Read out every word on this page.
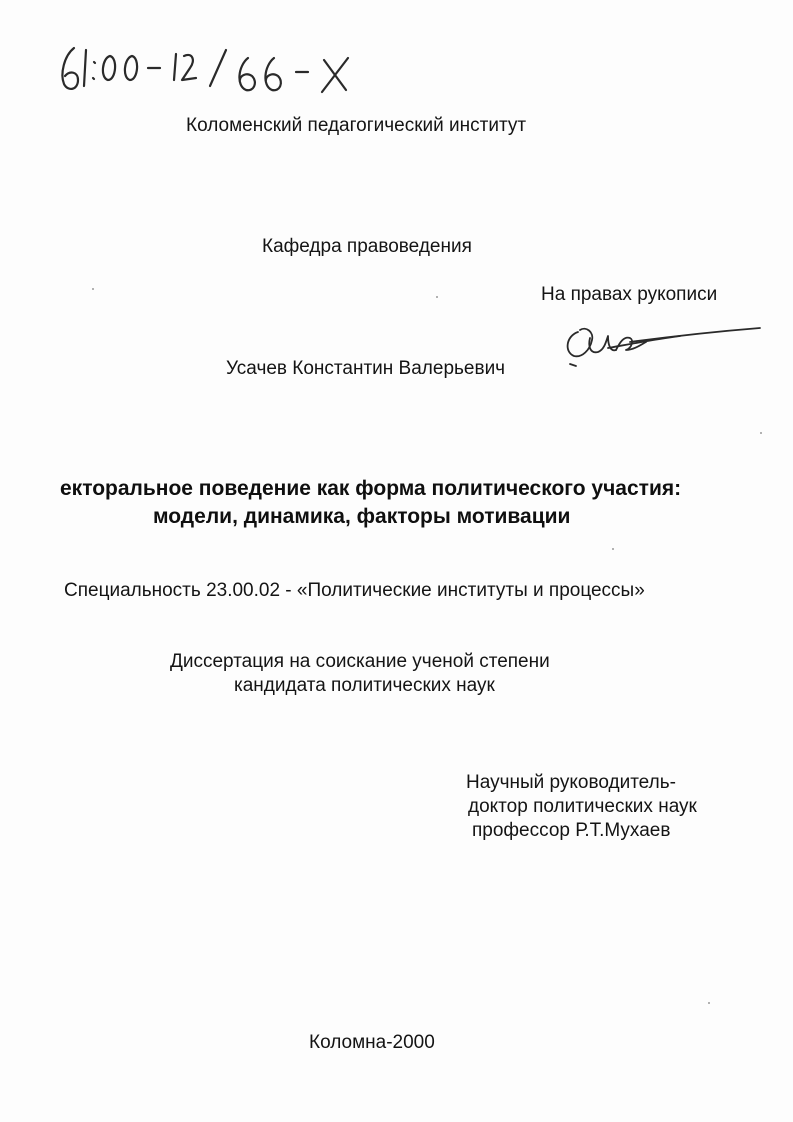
Коломенский педагогический институт
Кафедра правоведения
На правах рукописи
Усачев Константин Валерьевич
екторальное поведение как форма политического участия:
модели, динамика, факторы мотивации
Специальность 23.00.02 - «Политические институты и процессы»
Диссертация на соискание ученой степени
кандидата политических наук
Научный руководитель-
доктор политических наук
профессор Р.Т.Мухаев
Коломна-2000
